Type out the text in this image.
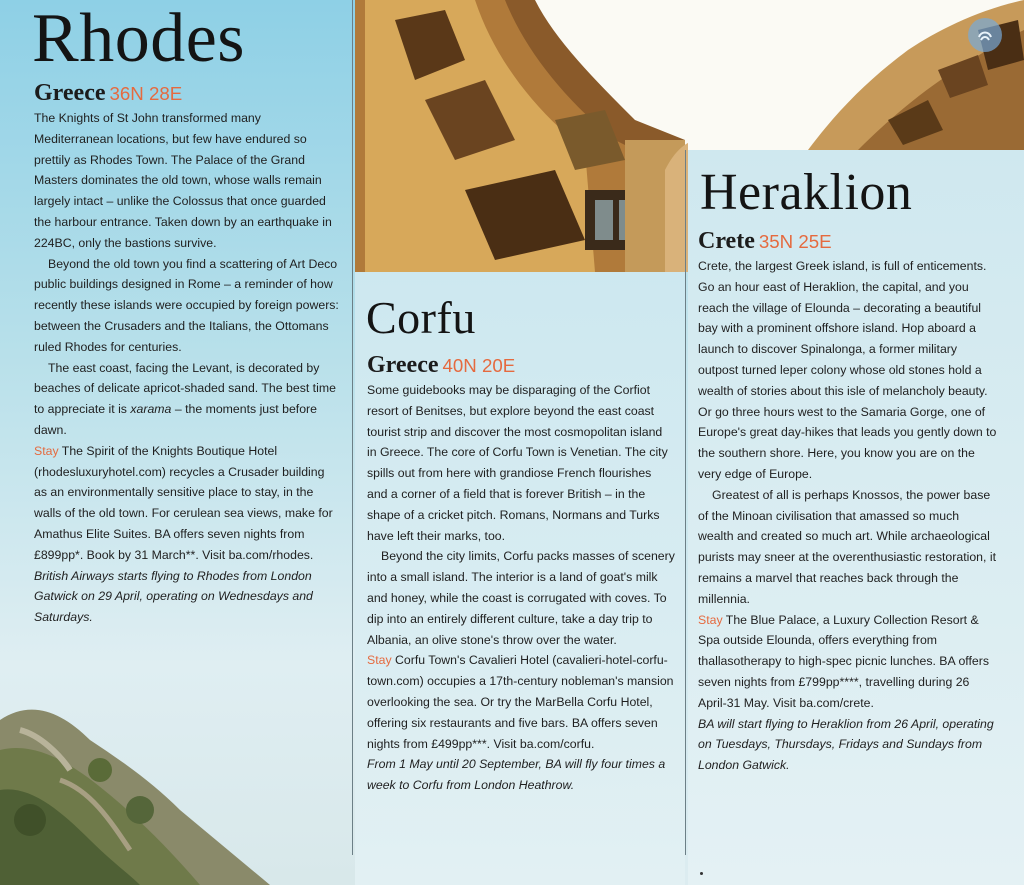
Rhodes
Greece 36N 28E

The Knights of St John transformed many Mediterranean locations, but few have endured so prettily as Rhodes Town. The Palace of the Grand Masters dominates the old town, whose walls remain largely intact – unlike the Colossus that once guarded the harbour entrance. Taken down by an earthquake in 224BC, only the bastions survive.

Beyond the old town you find a scattering of Art Deco public buildings designed in Rome – a reminder of how recently these islands were occupied by foreign powers: between the Crusaders and the Italians, the Ottomans ruled Rhodes for centuries.

The east coast, facing the Levant, is decorated by beaches of delicate apricot-shaded sand. The best time to appreciate it is xarama – the moments just before dawn.

Stay The Spirit of the Knights Boutique Hotel (rhodesluxuryhotel.com) recycles a Crusader building as an environmentally sensitive place to stay, in the walls of the old town. For cerulean sea views, make for Amathus Elite Suites. BA offers seven nights from £899pp*. Book by 31 March**. Visit ba.com/rhodes.

British Airways starts flying to Rhodes from London Gatwick on 29 April, operating on Wednesdays and Saturdays.

Corfu
Greece 40N 20E

Some guidebooks may be disparaging of the Corfiot resort of Benitses, but explore beyond the east coast tourist strip and discover the most cosmopolitan island in Greece. The core of Corfu Town is Venetian. The city spills out from here with grandiose French flourishes and a corner of a field that is forever British – in the shape of a cricket pitch. Romans, Normans and Turks have left their marks, too.

Beyond the city limits, Corfu packs masses of scenery into a small island. The interior is a land of goat's milk and honey, while the coast is corrugated with coves. To dip into an entirely different culture, take a day trip to Albania, an olive stone's throw over the water.

Stay Corfu Town's Cavalieri Hotel (cavalieri-hotel-corfu-town.com) occupies a 17th-century nobleman's mansion overlooking the sea. Or try the MarBella Corfu Hotel, offering six restaurants and five bars. BA offers seven nights from £499pp***. Visit ba.com/corfu.

From 1 May until 20 September, BA will fly four times a week to Corfu from London Heathrow.

Heraklion
Crete 35N 25E

Crete, the largest Greek island, is full of enticements. Go an hour east of Heraklion, the capital, and you reach the village of Elounda – decorating a beautiful bay with a prominent offshore island. Hop aboard a launch to discover Spinalonga, a former military outpost turned leper colony whose old stones hold a wealth of stories about this isle of melancholy beauty. Or go three hours west to the Samaria Gorge, one of Europe's great day-hikes that leads you gently down to the southern shore. Here, you know you are on the very edge of Europe.

Greatest of all is perhaps Knossos, the power base of the Minoan civilisation that amassed so much wealth and created so much art. While archaeological purists may sneer at the overenthusiastic restoration, it remains a marvel that reaches back through the millennia.

Stay The Blue Palace, a Luxury Collection Resort & Spa outside Elounda, offers everything from thallasotherapy to high-spec picnic lunches. BA offers seven nights from £799pp****, travelling during 26 April-31 May. Visit ba.com/crete.

BA will start flying to Heraklion from 26 April, operating on Tuesdays, Thursdays, Fridays and Sundays from London Gatwick.
